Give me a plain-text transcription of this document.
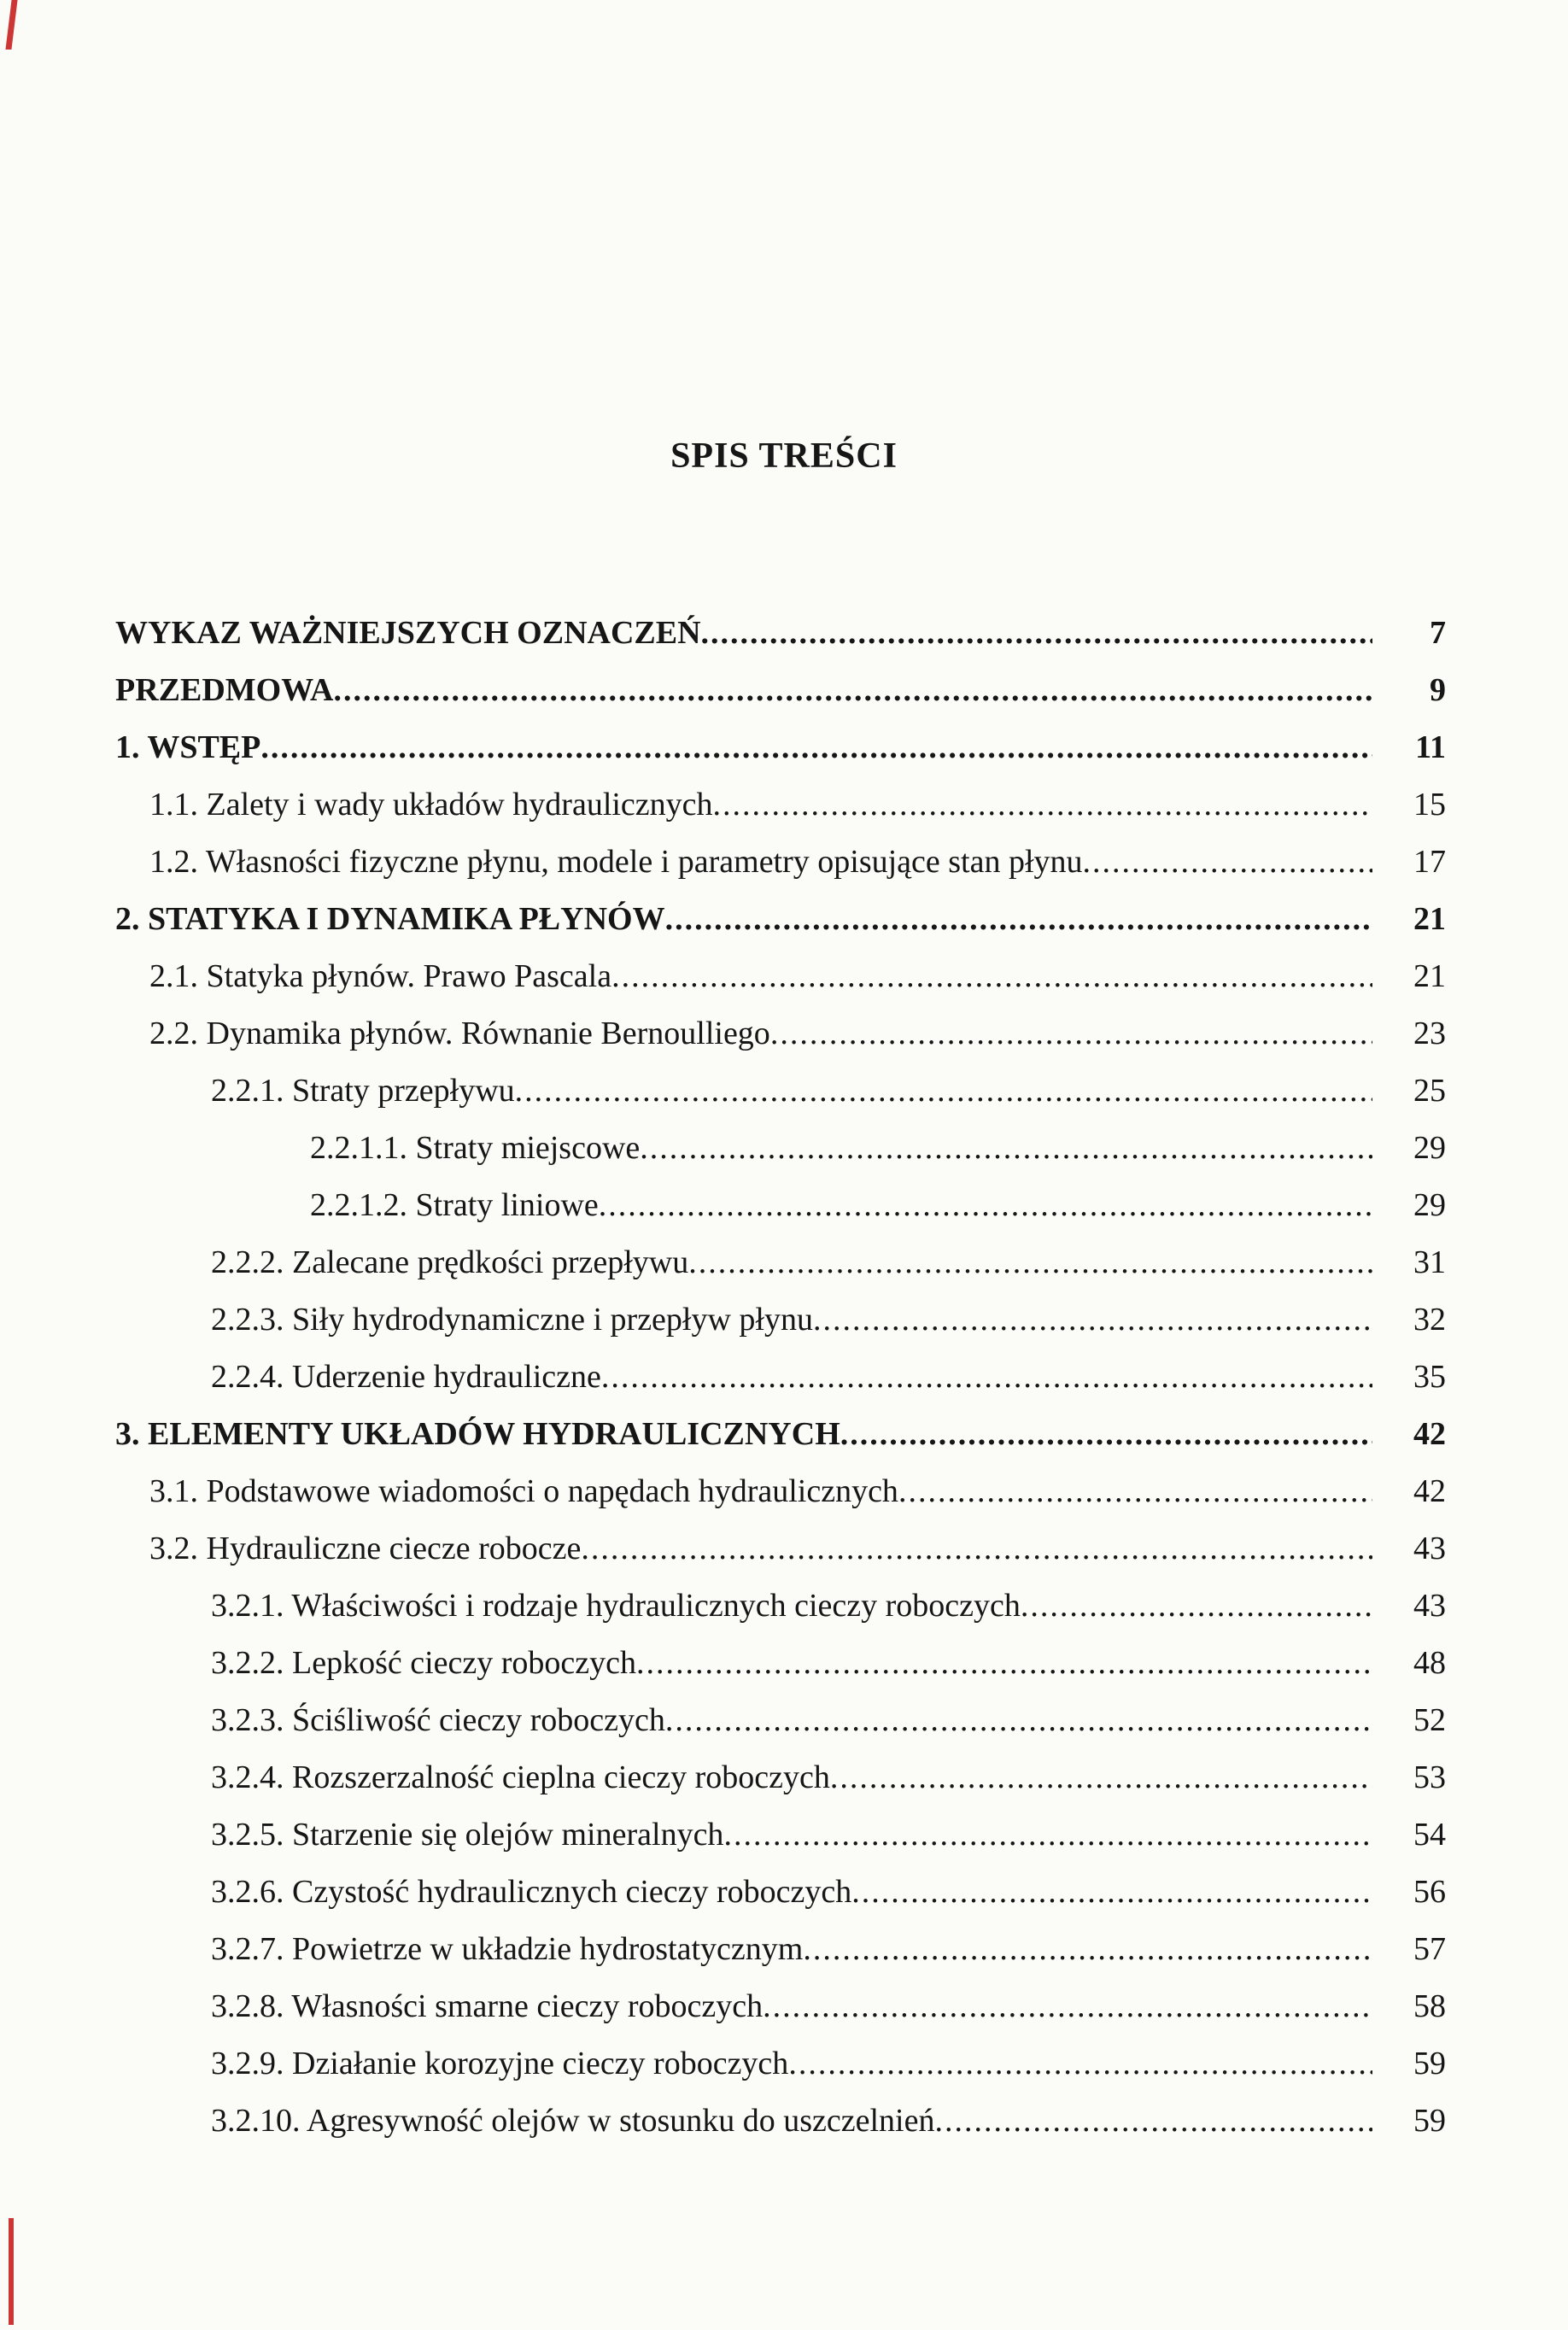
SPIS TREŚCI
WYKAZ WAŻNIEJSZYCH OZNACZEŃ .....	7
PRZEDMOWA .....	9
1. WSTĘP .....	11
1.1. Zalety i wady układów hydraulicznych .....	15
1.2. Własności fizyczne płynu, modele i parametry opisujące stan płynu .....	17
2. STATYKA I DYNAMIKA PŁYNÓW .....	21
2.1. Statyka płynów. Prawo Pascala .....	21
2.2. Dynamika płynów. Równanie Bernoulliego .....	23
2.2.1. Straty przepływu .....	25
2.2.1.1. Straty miejscowe .....	29
2.2.1.2. Straty liniowe .....	29
2.2.2. Zalecane prędkości przepływu .....	31
2.2.3. Siły hydrodynamiczne i przepływ płynu .....	32
2.2.4. Uderzenie hydrauliczne .....	35
3. ELEMENTY UKŁADÓW HYDRAULICZNYCH .....	42
3.1. Podstawowe wiadomości o napędach hydraulicznych .....	42
3.2. Hydrauliczne ciecze robocze .....	43
3.2.1. Właściwości i rodzaje hydraulicznych cieczy roboczych .....	43
3.2.2. Lepkość cieczy roboczych .....	48
3.2.3. Ściśliwość cieczy roboczych .....	52
3.2.4. Rozszerzalność cieplna cieczy roboczych .....	53
3.2.5. Starzenie się olejów mineralnych .....	54
3.2.6. Czystość hydraulicznych cieczy roboczych .....	56
3.2.7. Powietrze w układzie hydrostatycznym .....	57
3.2.8. Własności smarne cieczy roboczych .....	58
3.2.9. Działanie korozyjne cieczy roboczych .....	59
3.2.10. Agresywność olejów w stosunku do uszczelnień .....	59
